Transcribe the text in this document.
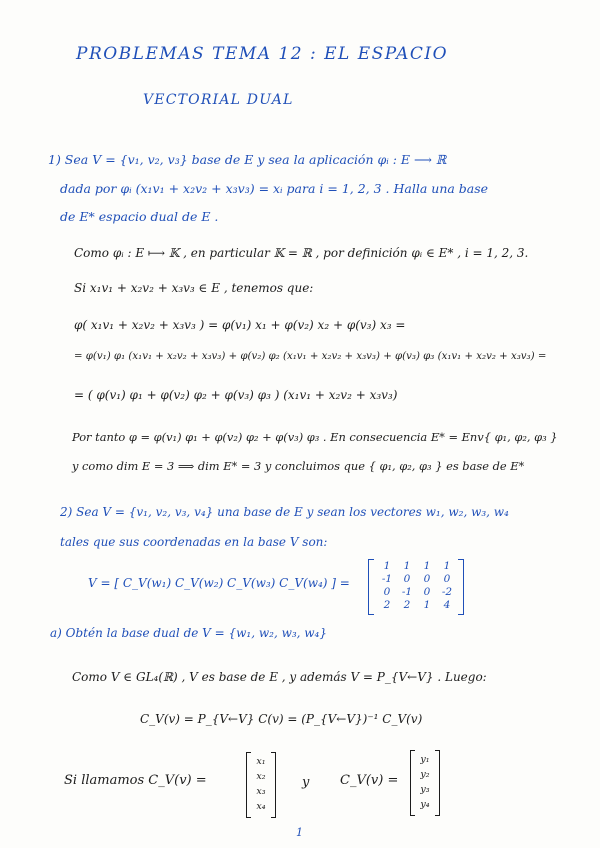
PROBLEMAS TEMA 12 : EL ESPACIO
VECTORIAL DUAL
1) Sea V = {v₁, v₂, v₃} base de E y sea la aplicación φᵢ : E ⟶ ℝ
dada por φᵢ (x₁v₁ + x₂v₂ + x₃v₃) = xᵢ para i = 1, 2, 3 . Halla una base
de E* espacio dual de E .
Como φᵢ : E ⟼ 𝕂 , en particular 𝕂 = ℝ , por definición φᵢ ∈ E* , i = 1, 2, 3.
Si x₁v₁ + x₂v₂ + x₃v₃ ∈ E , tenemos que:
φ( x₁v₁ + x₂v₂ + x₃v₃ ) = φ(v₁) x₁ + φ(v₂) x₂ + φ(v₃) x₃ =
= φ(v₁) φ₁ (x₁v₁ + x₂v₂ + x₃v₃) + φ(v₂) φ₂ (x₁v₁ + x₂v₂ + x₃v₃) + φ(v₃) φ₃ (x₁v₁ + x₂v₂ + x₃v₃) =
= ( φ(v₁) φ₁ + φ(v₂) φ₂ + φ(v₃) φ₃ ) (x₁v₁ + x₂v₂ + x₃v₃)
Por tanto φ = φ(v₁) φ₁ + φ(v₂) φ₂ + φ(v₃) φ₃ . En consecuencia E* = Env{ φ₁, φ₂, φ₃ }
y como dim E = 3 ⟹ dim E* = 3 y concluimos que { φ₁, φ₂, φ₃ } es base de E*
2) Sea V = {v₁, v₂, v₃, v₄} una base de E y sean los vectores w₁, w₂, w₃, w₄
tales que sus coordenadas en la base V son:
V = [ C_V(w₁) C_V(w₂) C_V(w₃) C_V(w₄) ] =
1	1	1	1
-1	0	0	0
0	-1	0	-2
2	2	1	4
a) Obtén la base dual de V = {w₁, w₂, w₃, w₄}
Como V ∈ GL₄(ℝ) , V es base de E , y además V = P_{V←V} . Luego:
C_V(v) = P_{V←V} C(v) = (P_{V←V})⁻¹ C_V(v)
Si llamamos C_V(v) =
x₁
x₂
x₃
x₄
y C_V(v) =
y₁
y₂
y₃
y₄
1
